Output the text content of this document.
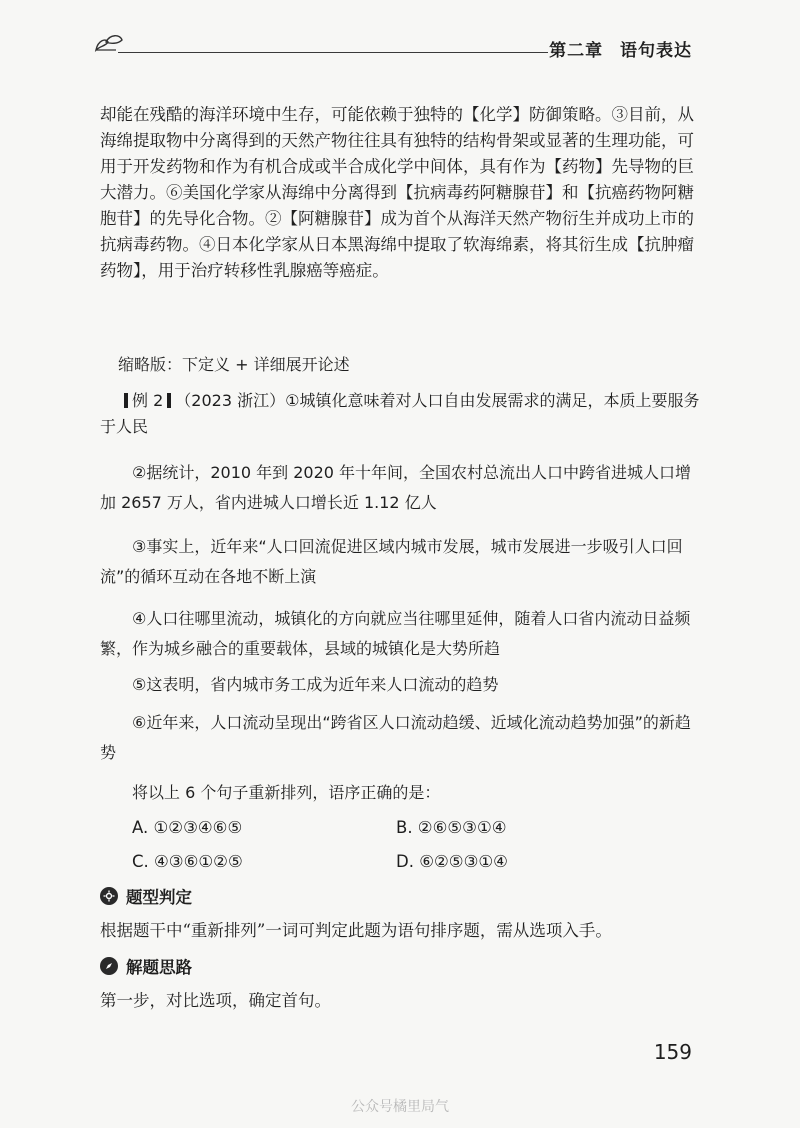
第二章 语句表达

却能在残酷的海洋环境中生存，可能依赖于独特的【化学】防御策略。③目前，从海绵提取物中分离得到的天然产物往往具有独特的结构骨架或显著的生理功能，可用于开发药物和作为有机合成或半合成化学中间体，具有作为【药物】先导物的巨大潜力。⑥美国化学家从海绵中分离得到【抗病毒药阿糖腺苷】和【抗癌药物阿糖胞苷】的先导化合物。②【阿糖腺苷】成为首个从海洋天然产物衍生并成功上市的抗病毒药物。④日本化学家从日本黑海绵中提取了软海绵素，将其衍生成【抗肿瘤药物】，用于治疗转移性乳腺癌等癌症。

缩略版：下定义 + 详细展开论述

例 2 （2023 浙江）①城镇化意味着对人口自由发展需求的满足，本质上要服务于人民

②据统计，2010 年到 2020 年十年间，全国农村总流出人口中跨省进城人口增加 2657 万人，省内进城人口增长近 1.12 亿人

③事实上，近年来“人口回流促进区域内城市发展，城市发展进一步吸引人口回流”的循环互动在各地不断上演

④人口往哪里流动，城镇化的方向就应当往哪里延伸，随着人口省内流动日益频繁，作为城乡融合的重要载体，县域的城镇化是大势所趋

⑤这表明，省内城市务工成为近年来人口流动的趋势

⑥近年来，人口流动呈现出“跨省区人口流动趋缓、近域化流动趋势加强”的新趋势

将以上 6 个句子重新排列，语序正确的是：

A. ①②③④⑥⑤	B. ②⑥⑤③①④
C. ④③⑥①②⑤	D. ⑥②⑤③①④
题型判定

根据题干中“重新排列”一词可判定此题为语句排序题，需从选项入手。

解题思路

第一步，对比选项，确定首句。

159
公众号橘里局气
